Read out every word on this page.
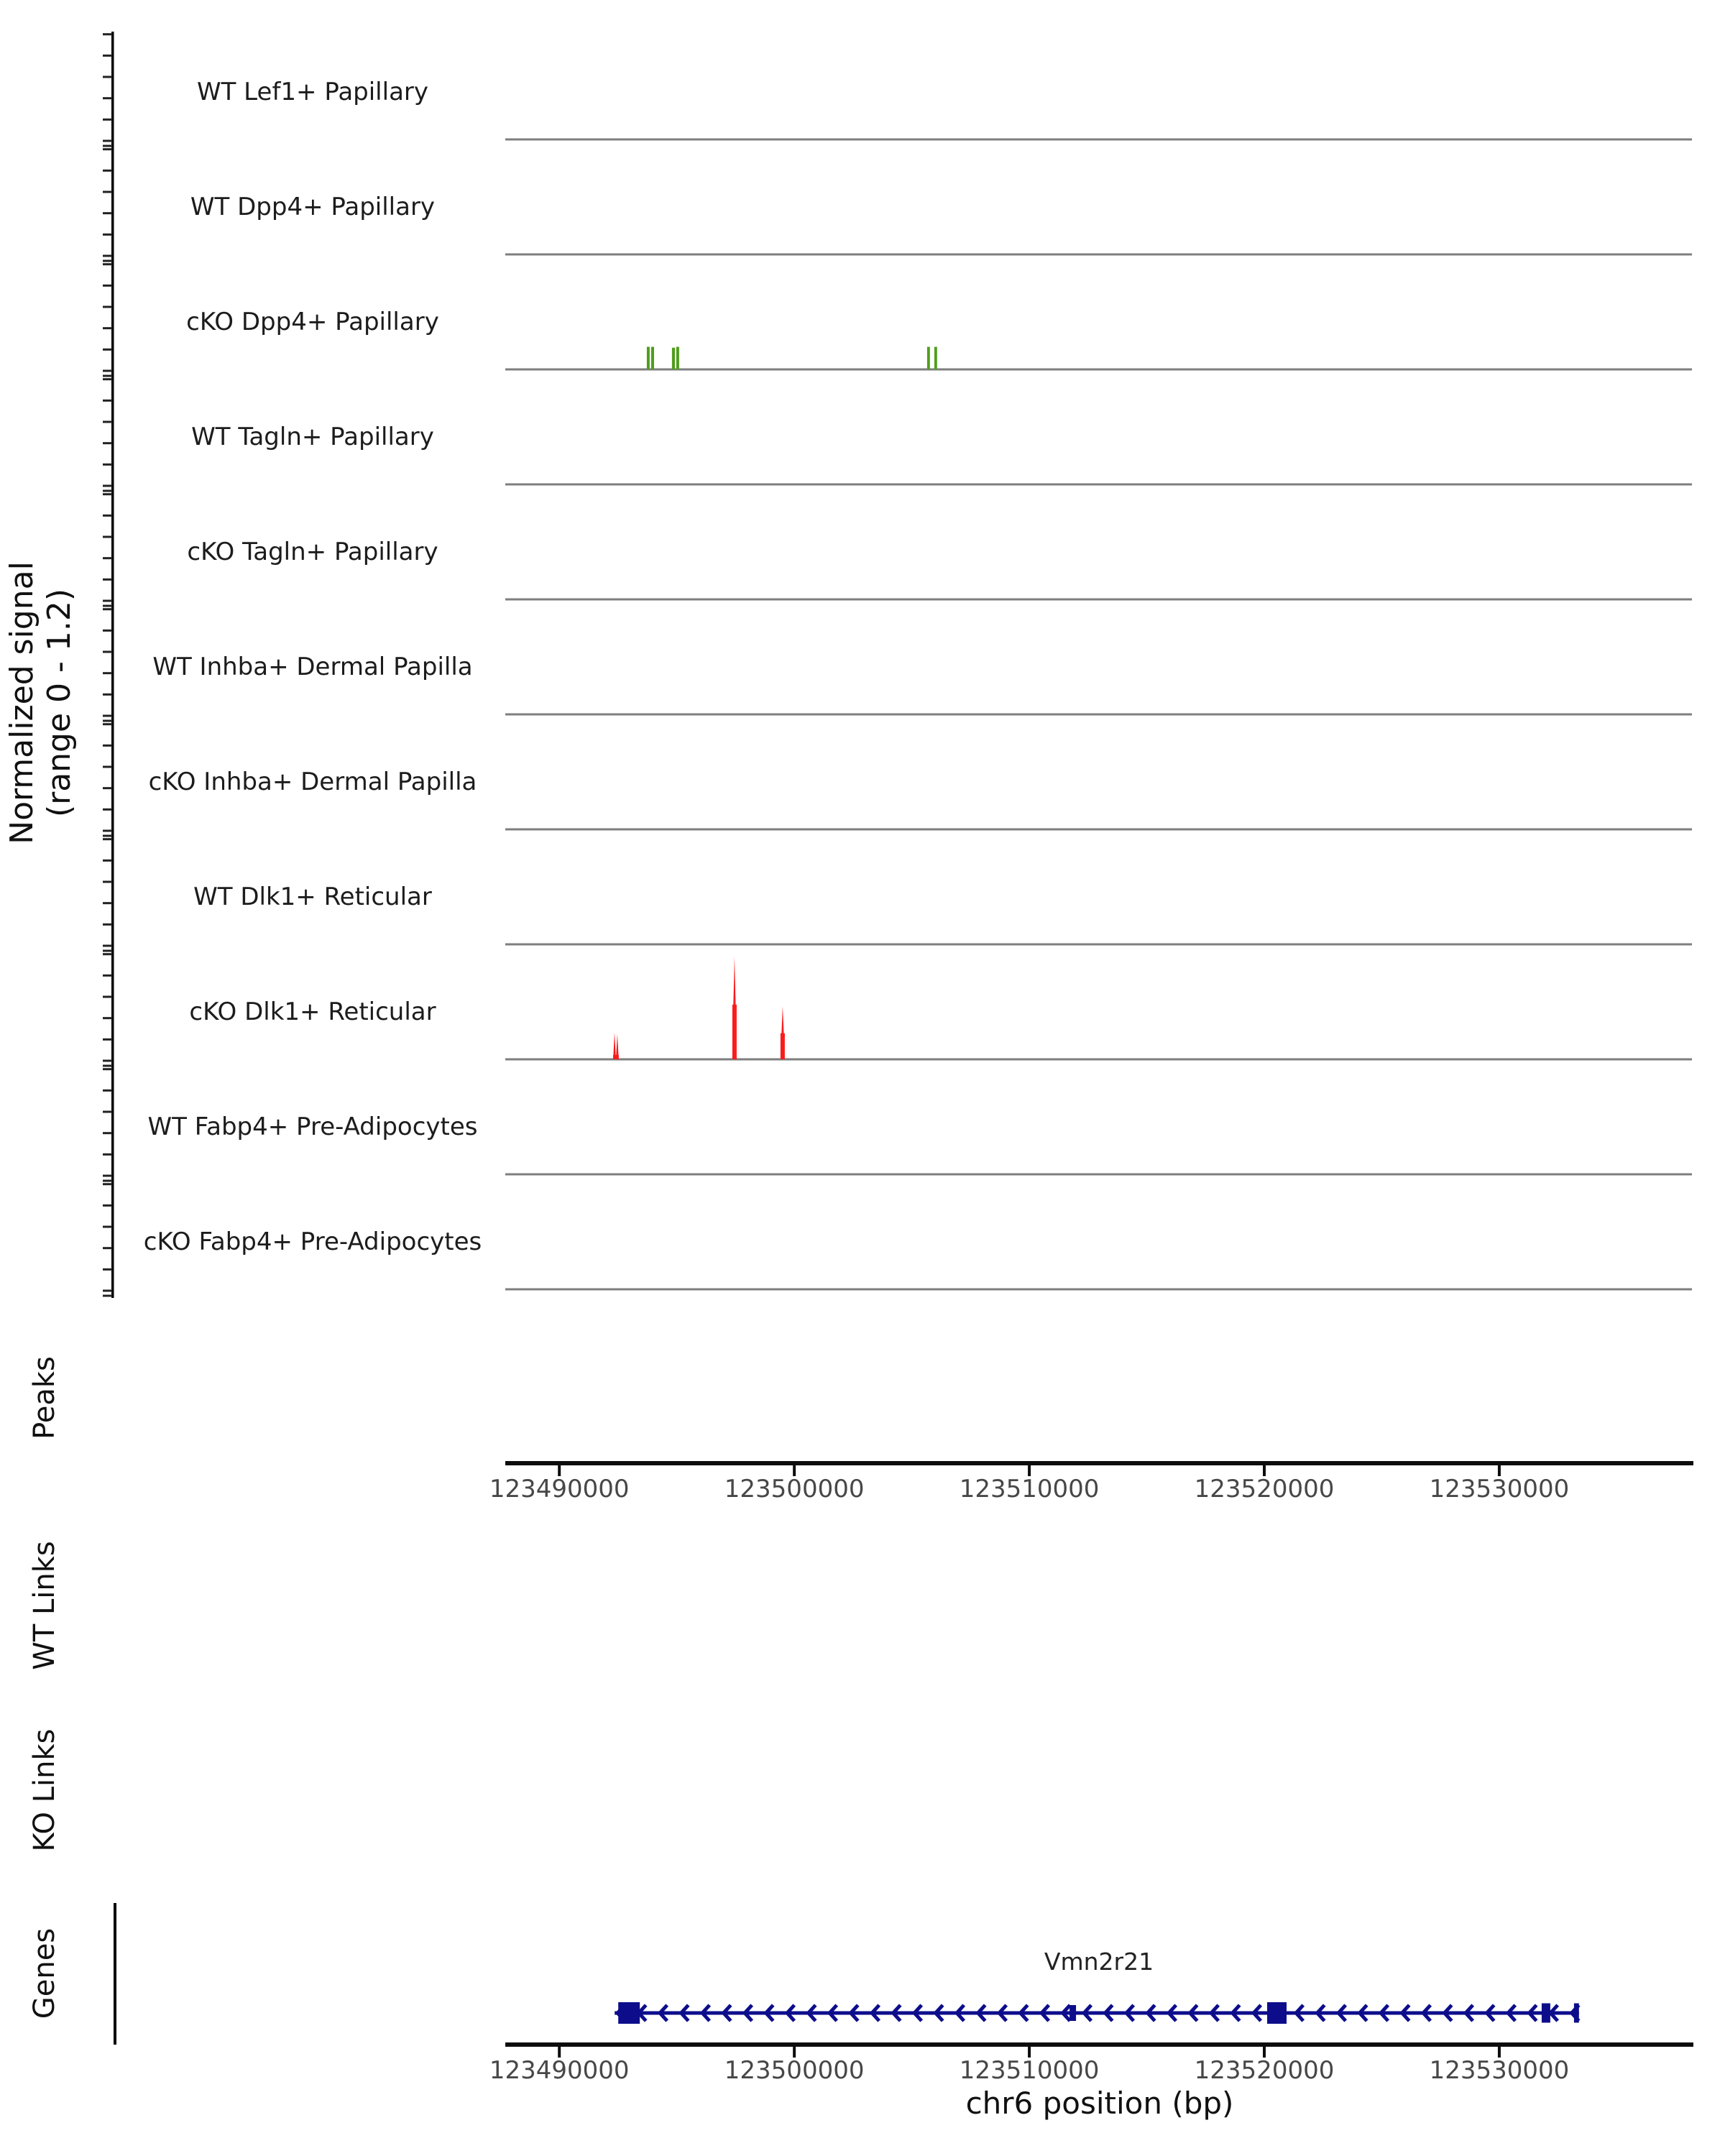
Normalized signal (range 0 - 1.2)
Peaks
WT Links
KO Links
Genes
WT Lef1+ Papillary
WT Dpp4+ Papillary
cKO Dpp4+ Papillary
WT Tagln+ Papillary
cKO Tagln+ Papillary
WT Inhba+ Dermal Papilla
cKO Inhba+ Dermal Papilla
WT Dlk1+ Reticular
cKO Dlk1+ Reticular
WT Fabp4+ Pre-Adipocytes
cKO Fabp4+ Pre-Adipocytes
123490000	123500000	123510000	123520000	123530000
123490000	123500000	123510000	123520000	123530000
Vmn2r21
chr6 position (bp)
